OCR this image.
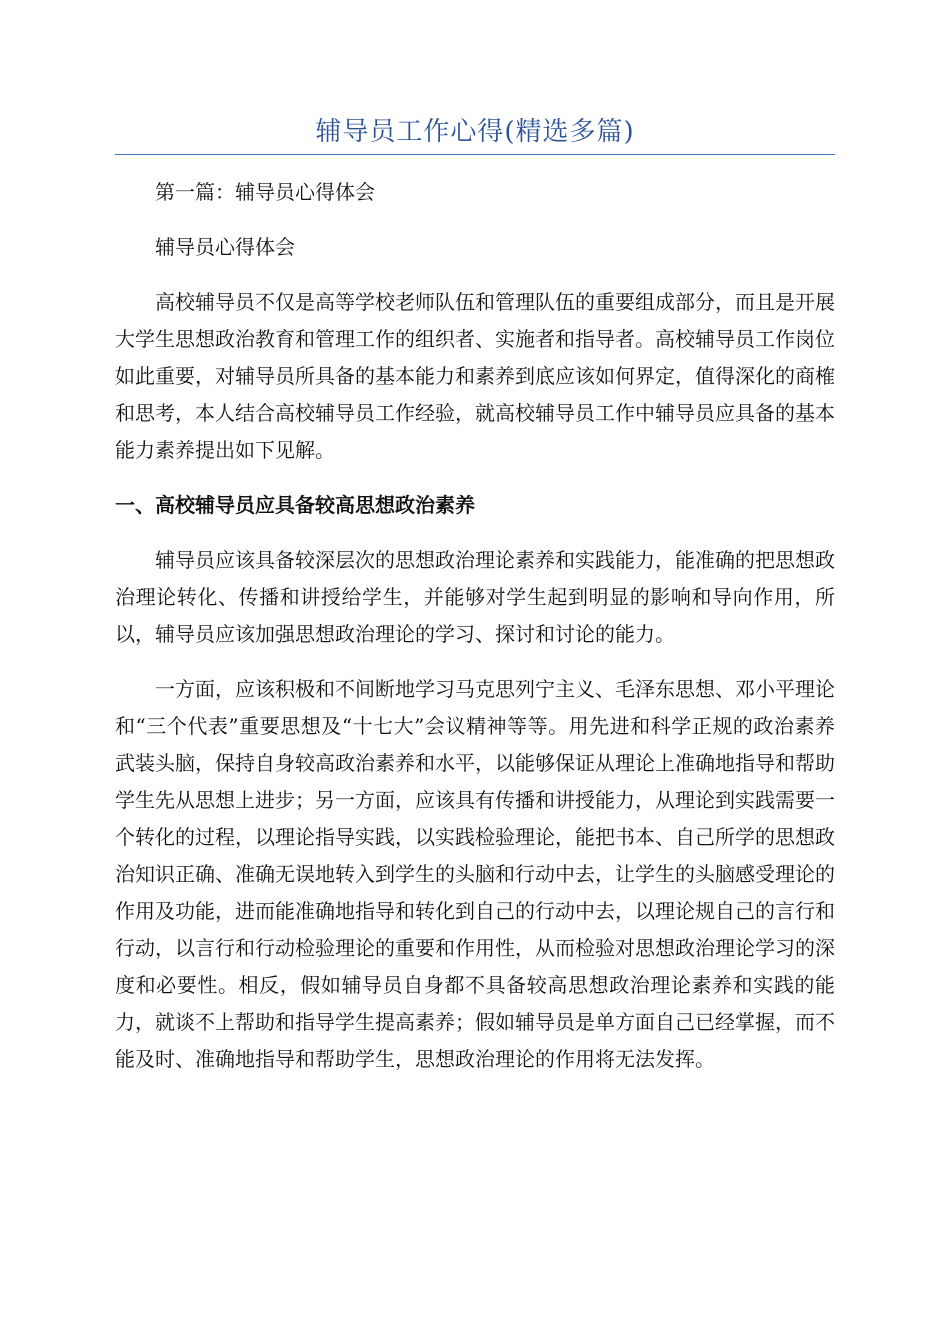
辅导员工作心得(精选多篇)

第一篇：辅导员心得体会

辅导员心得体会

高校辅导员不仅是高等学校老师队伍和管理队伍的重要组成部分，而且是开展大学生思想政治教育和管理工作的组织者、实施者和指导者。高校辅导员工作岗位如此重要，对辅导员所具备的基本能力和素养到底应该如何界定，值得深化的商榷和思考，本人结合高校辅导员工作经验，就高校辅导员工作中辅导员应具备的基本能力素养提出如下见解。

一、高校辅导员应具备较高思想政治素养

辅导员应该具备较深层次的思想政治理论素养和实践能力，能准确的把思想政治理论转化、传播和讲授给学生，并能够对学生起到明显的影响和导向作用，所以，辅导员应该加强思想政治理论的学习、探讨和讨论的能力。

一方面，应该积极和不间断地学习马克思列宁主义、毛泽东思想、邓小平理论和“三个代表”重要思想及“十七大”会议精神等等。用先进和科学正规的政治素养武装头脑，保持自身较高政治素养和水平，以能够保证从理论上准确地指导和帮助学生先从思想上进步；另一方面，应该具有传播和讲授能力，从理论到实践需要一个转化的过程，以理论指导实践，以实践检验理论，能把书本、自己所学的思想政治知识正确、准确无误地转入到学生的头脑和行动中去，让学生的头脑感受理论的作用及功能，进而能准确地指导和转化到自己的行动中去，以理论规自己的言行和行动，以言行和行动检验理论的重要和作用性，从而检验对思想政治理论学习的深度和必要性。相反，假如辅导员自身都不具备较高思想政治理论素养和实践的能力，就谈不上帮助和指导学生提高素养；假如辅导员是单方面自己已经掌握，而不能及时、准确地指导和帮助学生，思想政治理论的作用将无法发挥。
